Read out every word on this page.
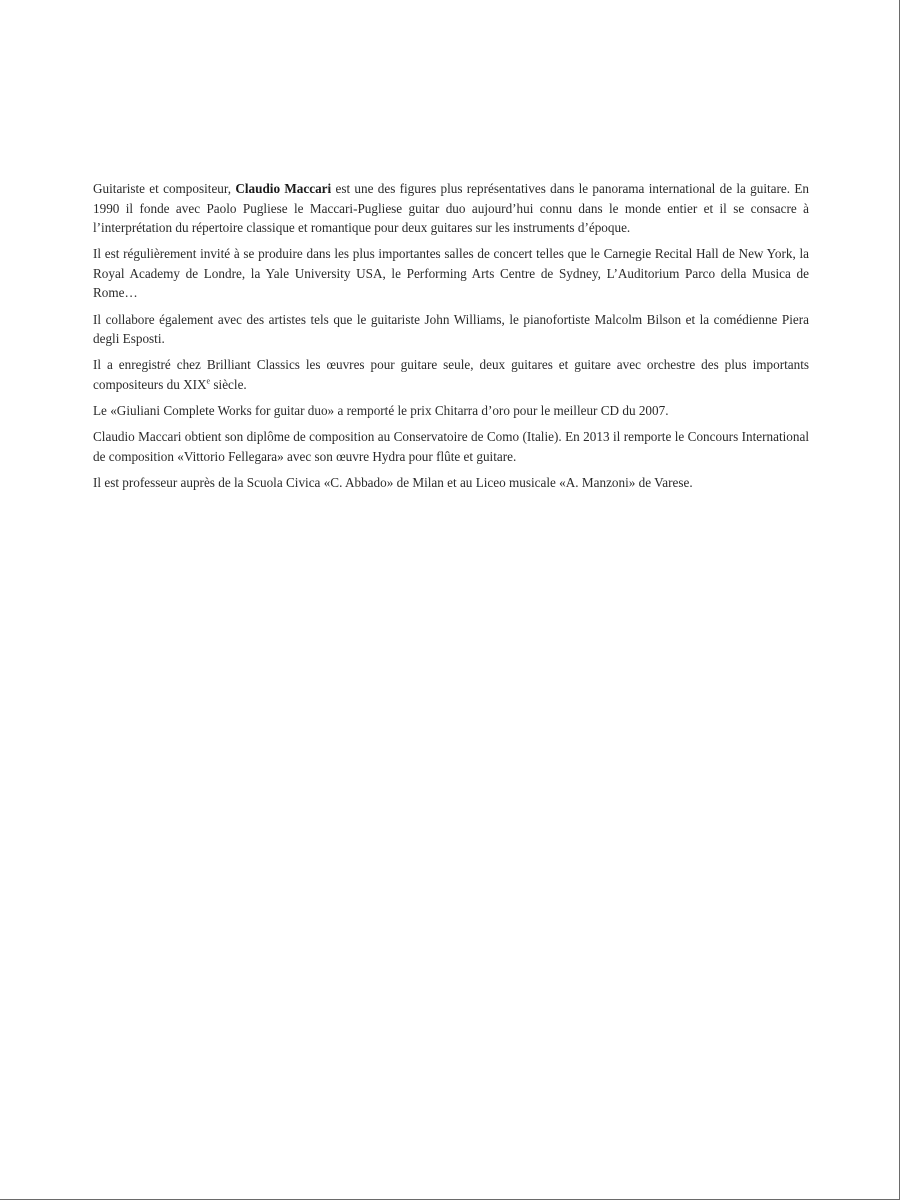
Guitariste et compositeur, Claudio Maccari est une des figures plus représentatives dans le panorama international de la guitare. En 1990 il fonde avec Paolo Pugliese le Maccari-Pugliese guitar duo aujourd’hui connu dans le monde entier et il se consacre à l’interprétation du répertoire classique et romantique pour deux guitares sur les instruments d’époque.

Il est régulièrement invité à se produire dans les plus importantes salles de concert telles que le Carnegie Recital Hall de New York, la Royal Academy de Londre, la Yale University USA, le Performing Arts Centre de Sydney, L’Auditorium Parco della Musica de Rome…

Il collabore également avec des artistes tels que le guitariste John Williams, le pianofortiste Malcolm Bilson et la comédienne Piera degli Esposti.

Il a enregistré chez Brilliant Classics les œuvres pour guitare seule, deux guitares et guitare avec orchestre des plus importants compositeurs du XIXe siècle.

Le «Giuliani Complete Works for guitar duo» a remporté le prix Chitarra d’oro pour le meilleur CD du 2007.

Claudio Maccari obtient son diplôme de composition au Conservatoire de Como (Italie). En 2013 il remporte le Concours International de composition «Vittorio Fellegara» avec son œuvre Hydra pour flûte et guitare.

Il est professeur auprès de la Scuola Civica «C. Abbado» de Milan et au Liceo musicale «A. Manzoni» de Varese.
